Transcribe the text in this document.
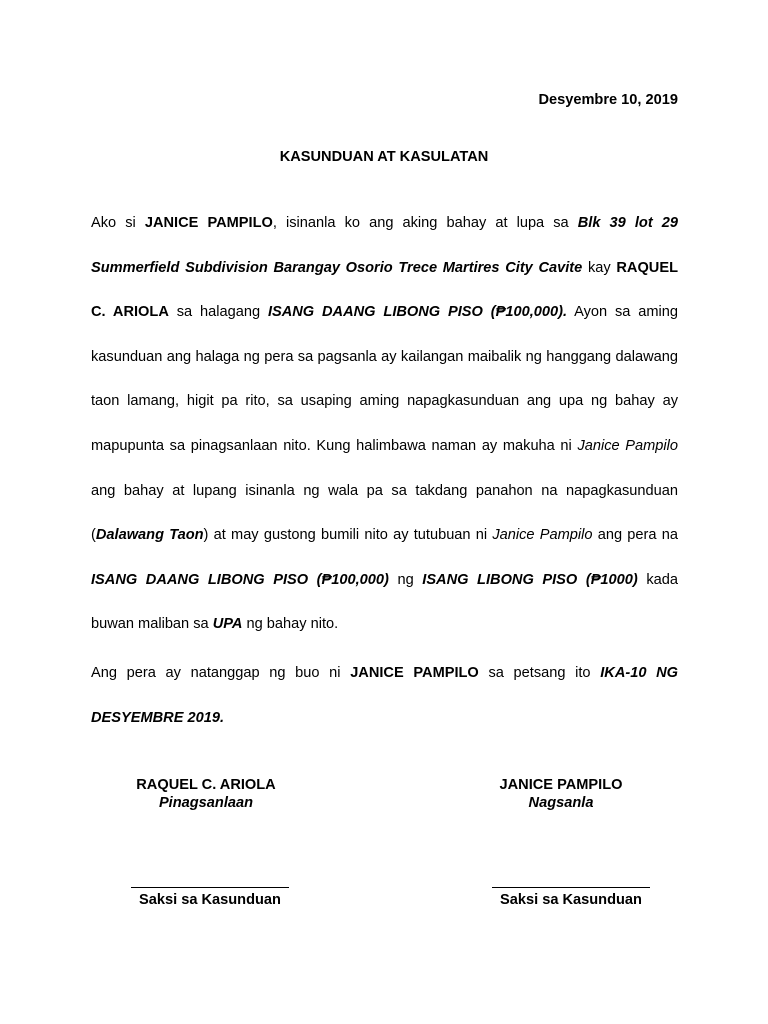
Desyembre 10, 2019
KASUNDUAN AT KASULATAN

Ako si JANICE PAMPILO, isinanla ko ang aking bahay at lupa sa Blk 39 lot 29 Summerfield Subdivision Barangay Osorio Trece Martires City Cavite kay RAQUEL C. ARIOLA sa halagang ISANG DAANG LIBONG PISO (₱100,000). Ayon sa aming kasunduan ang halaga ng pera sa pagsanla ay kailangan maibalik ng hanggang dalawang taon lamang, higit pa rito, sa usaping aming napagkasunduan ang upa ng bahay ay mapupunta sa pinagsanlaan nito. Kung halimbawa naman ay makuha ni Janice Pampilo ang bahay at lupang isinanla ng wala pa sa takdang panahon na napagkasunduan (Dalawang Taon) at may gustong bumili nito ay tutubuan ni Janice Pampilo ang pera na ISANG DAANG LIBONG PISO (₱100,000) ng ISANG LIBONG PISO (₱1000) kada buwan maliban sa UPA ng bahay nito.

Ang pera ay natanggap ng buo ni JANICE PAMPILO sa petsang ito IKA-10 NG DESYEMBRE 2019.

RAQUEL C. ARIOLA
Pinagsanlaan
JANICE PAMPILO
Nagsanla
Saksi sa Kasunduan	Saksi sa Kasunduan
